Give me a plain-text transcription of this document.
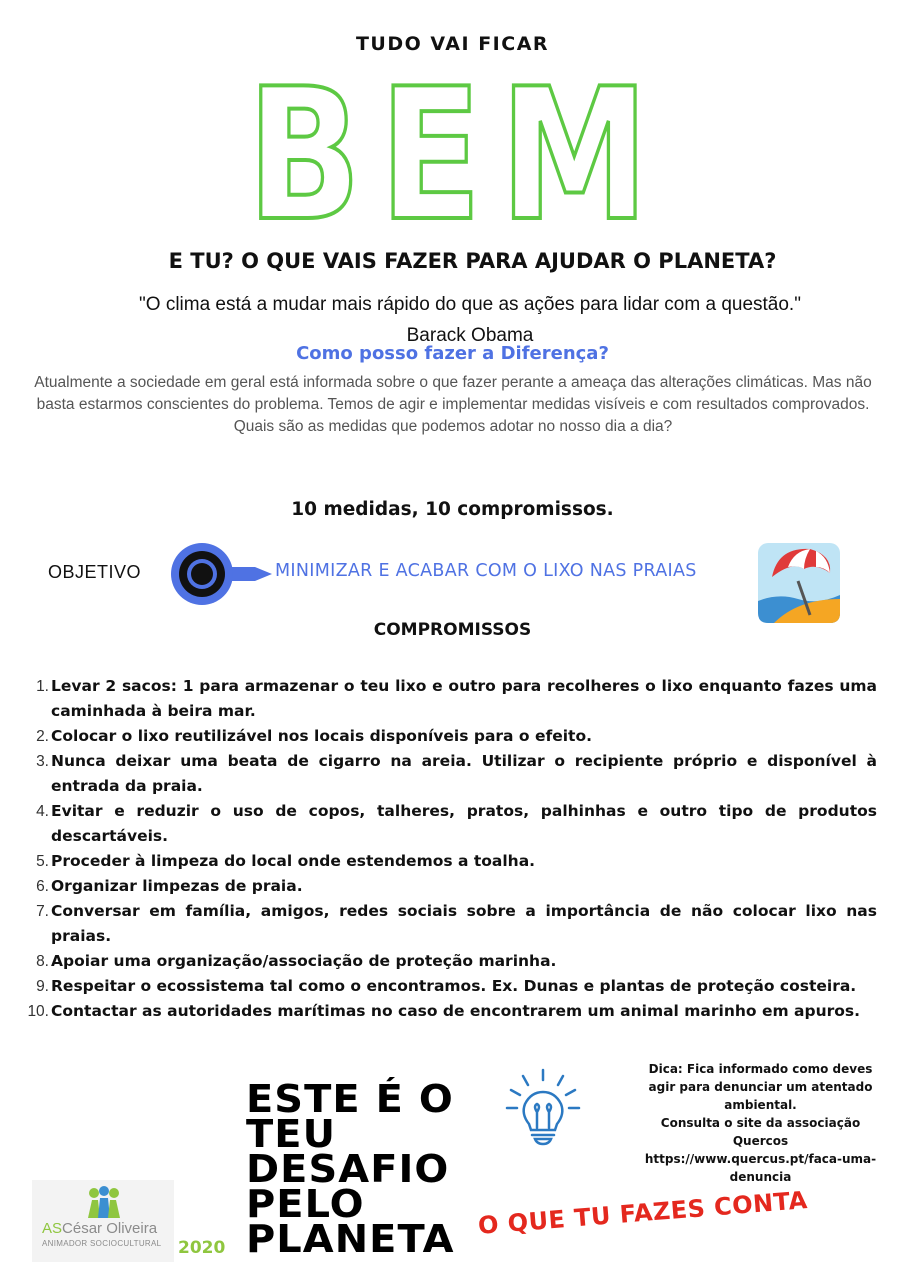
TUDO VAI FICAR
BEM
E TU? O QUE VAIS FAZER PARA AJUDAR O PLANETA?
"O clima está a mudar mais rápido do que as ações para lidar com a questão." Barack Obama
Como posso fazer a Diferença?
Atualmente a sociedade em geral está informada sobre o que fazer perante a ameaça das alterações climáticas. Mas não basta estarmos conscientes do problema. Temos de agir e implementar medidas visíveis e com resultados comprovados.
Quais são as medidas que podemos adotar no nosso dia a dia?
10 medidas, 10 compromissos.
OBJETIVO	MINIMIZAR E ACABAR COM O LIXO NAS PRAIAS
COMPROMISSOS
1. Levar 2 sacos: 1 para armazenar o teu lixo e outro para recolheres o lixo enquanto fazes uma caminhada à beira mar.
2. Colocar o lixo reutilizável nos locais disponíveis para o efeito.
3. Nunca deixar uma beata de cigarro na areia. Utilizar o recipiente próprio e disponível à entrada da praia.
4. Evitar e reduzir o uso de copos, talheres, pratos, palhinhas e outro tipo de produtos descartáveis.
5. Proceder à limpeza do local onde estendemos a toalha.
6. Organizar limpezas de praia.
7. Conversar em família, amigos, redes sociais sobre a importância de não colocar lixo nas praias.
8. Apoiar uma organização/associação de proteção marinha.
9. Respeitar o ecossistema tal como o encontramos. Ex. Dunas e plantas de proteção costeira.
10. Contactar as autoridades marítimas no caso de encontrarem um animal marinho em apuros.
ESTE É O
TEU
DESAFIO
PELO
PLANETA
Dica: Fica informado como deves
agir para denunciar um atentado
ambiental.
Consulta o site da associação
Quercos
https://www.quercus.pt/faca-uma-
denuncia
O QUE TU FAZES CONTA
ASCésar Oliveira
ANIMADOR SOCIOCULTURAL 2020
